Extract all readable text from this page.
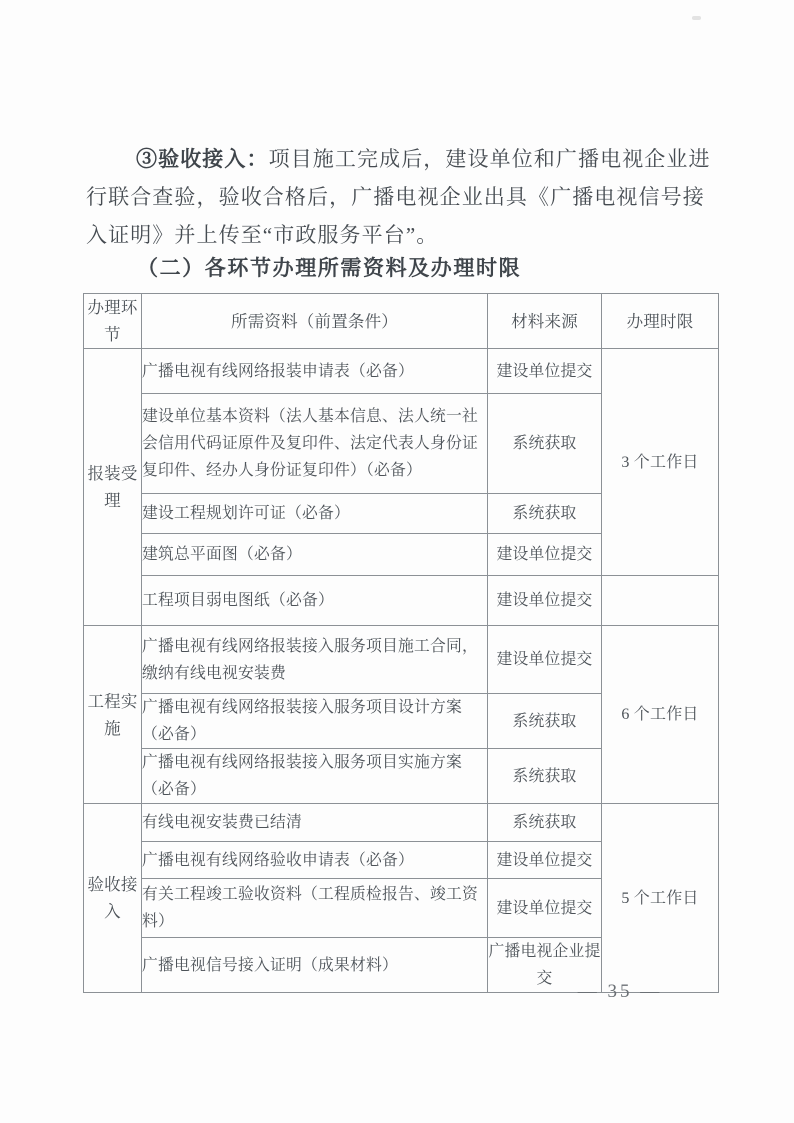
③验收接入：项目施工完成后，建设单位和广播电视企业进
行联合查验，验收合格后，广播电视企业出具《广播电视信号接
入证明》并上传至“市政服务平台”。
（二）各环节办理所需资料及办理时限
办理环节	所需资料（前置条件）	材料来源	办理时限
报装受理	广播电视有线网络报装申请表（必备）	建设单位提交	3 个工作日
	建设单位基本资料（法人基本信息、法人统一社会信用代码证原件及复印件、法定代表人身份证复印件、经办人身份证复印件）（必备）	系统获取	
	建设工程规划许可证（必备）	系统获取	
	建筑总平面图（必备）	建设单位提交	
	工程项目弱电图纸（必备）	建设单位提交	
工程实施	广播电视有线网络报装接入服务项目施工合同，缴纳有线电视安装费	建设单位提交	6 个工作日
	广播电视有线网络报装接入服务项目设计方案（必备）	系统获取	
	广播电视有线网络报装接入服务项目实施方案（必备）	系统获取	
验收接入	有线电视安装费已结清	系统获取	5 个工作日
	广播电视有线网络验收申请表（必备）	建设单位提交	
	有关工程竣工验收资料（工程质检报告、竣工资料）	建设单位提交	
	广播电视信号接入证明（成果材料）	广播电视企业提交	
— 35 —
